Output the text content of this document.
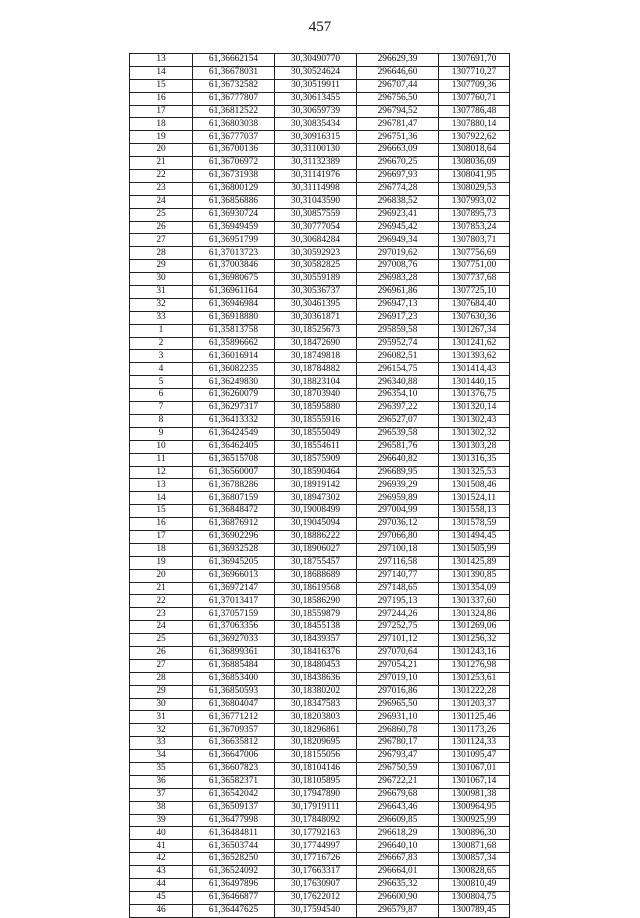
457
13	61,36662154	30,30490770	296629,39	1307691,70
14	61,36678031	30,30524624	296646,60	1307710,27
15	61,36732582	30,30519911	296707,44	1307709,36
16	61,36777807	30,30613455	296756,50	1307760,71
17	61,36812522	30,30659739	296794,52	1307786,48
18	61,36803038	30,30835434	296781,47	1307880,14
19	61,36777037	30,30916315	296751,36	1307922,62
20	61,36700136	30,31100130	296663,09	1308018,64
21	61,36706972	30,31132389	296670,25	1308036,09
22	61,36731938	30,31141976	296697,93	1308041,95
23	61,36800129	30,31114998	296774,28	1308029,53
24	61,36856886	30,31043590	296838,52	1307993,02
25	61,36930724	30,30857559	296923,41	1307895,73
26	61,36949459	30,30777054	296945,42	1307853,24
27	61,36951799	30,30684284	296949,34	1307803,71
28	61,37013723	30,30592923	297019,62	1307756,69
29	61,37003846	30,30582825	297008,76	1307751,00
30	61,36980675	30,30559189	296983,28	1307737,68
31	61,36961164	30,30536737	296961,86	1307725,10
32	61,36946984	30,30461395	296947,13	1307684,40
33	61,36918880	30,30361871	296917,23	1307630,36
1	61,35813758	30,18525673	295859,58	1301267,34
2	61,35896662	30,18472690	295952,74	1301241,62
3	61,36016914	30,18749818	296082,51	1301393,62
4	61,36082235	30,18784882	296154,75	1301414,43
5	61,36249830	30,18823104	296340,88	1301440,15
6	61,36260079	30,18703940	296354,10	1301376,75
7	61,36297317	30,18595880	296397,22	1301320,14
8	61,36413332	30,18555916	296527,07	1301302,43
9	61,36424549	30,18555049	296539,58	1301302,32
10	61,36462405	30,18554611	296581,76	1301303,28
11	61,36515708	30,18575909	296640,82	1301316,35
12	61,36560007	30,18590464	296689,95	1301325,53
13	61,36788286	30,18919142	296939,29	1301508,46
14	61,36807159	30,18947302	296959,89	1301524,11
15	61,36848472	30,19008499	297004,99	1301558,13
16	61,36876912	30,19045094	297036,12	1301578,59
17	61,36902296	30,18886222	297066,80	1301494,45
18	61,36932528	30,18906027	297100,18	1301505,99
19	61,36945205	30,18755457	297116,58	1301425,89
20	61,36966013	30,18688689	297140,77	1301390,85
21	61,36972147	30,18619568	297148,65	1301354,09
22	61,37013417	30,18586290	297195,13	1301337,60
23	61,37057159	30,18559879	297244,26	1301324,86
24	61,37063356	30,18455138	297252,75	1301269,06
25	61,36927033	30,18439357	297101,12	1301256,32
26	61,36899361	30,18416376	297070,64	1301243,16
27	61,36885484	30,18480453	297054,21	1301276,98
28	61,36853400	30,18438636	297019,10	1301253,61
29	61,36850593	30,18380202	297016,86	1301222,28
30	61,36804047	30,18347583	296965,50	1301203,37
31	61,36771212	30,18203803	296931,10	1301125,46
32	61,36709357	30,18296861	296860,78	1301173,26
33	61,36635812	30,18209695	296780,17	1301124,33
34	61,36647006	30,18155056	296793,47	1301095,47
35	61,36607823	30,18104146	296750,59	1301067,01
36	61,36582371	30,18105895	296722,21	1301067,14
37	61,36542042	30,17947890	296679,68	1300981,38
38	61,36509137	30,17919111	296643,46	1300964,95
39	61,36477998	30,17848092	296609,85	1300925,99
40	61,36484811	30,17792163	296618,29	1300896,30
41	61,36503744	30,17744997	296640,10	1300871,68
42	61,36528250	30,17716726	296667,83	1300857,34
43	61,36524092	30,17663317	296664,01	1300828,65
44	61,36497896	30,17630907	296635,32	1300810,49
45	61,36466877	30,17622012	296600,90	1300804,75
46	61,36447625	30,17594540	296579,87	1300789,45
